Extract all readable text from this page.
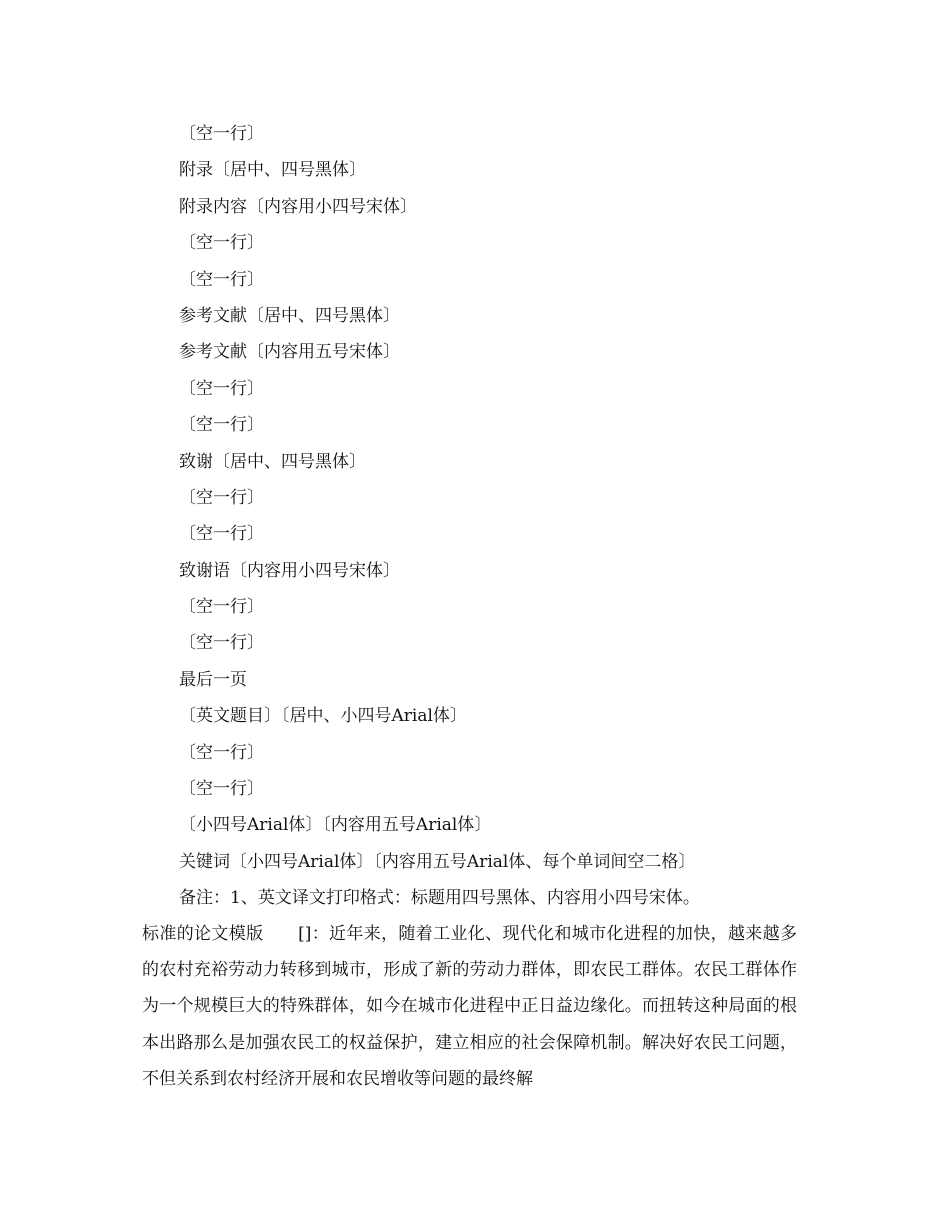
〔空一行〕
附录〔居中、四号黑体〕
附录内容〔内容用小四号宋体〕
〔空一行〕
〔空一行〕
参考文献〔居中、四号黑体〕
参考文献〔内容用五号宋体〕
〔空一行〕
〔空一行〕
致谢〔居中、四号黑体〕
〔空一行〕
〔空一行〕
致谢语〔内容用小四号宋体〕
〔空一行〕
〔空一行〕
最后一页
〔英文题目〕〔居中、小四号Arial体〕
〔空一行〕
〔空一行〕
〔小四号Arial体〕〔内容用五号Arial体〕
关键词〔小四号Arial体〕〔内容用五号Arial体、每个单词间空二格〕
备注：1、英文译文打印格式：标题用四号黑体、内容用小四号宋体。
标准的论文模版　　[]：近年来，随着工业化、现代化和城市化进程的加快，越来越多的农村充裕劳动力转移到城市，形成了新的劳动力群体，即农民工群体。农民工群体作为一个规模巨大的特殊群体，如今在城市化进程中正日益边缘化。而扭转这种局面的根本出路那么是加强农民工的权益保护，建立相应的社会保障机制。解决好农民工问题，不但关系到农村经济开展和农民增收等问题的最终解
